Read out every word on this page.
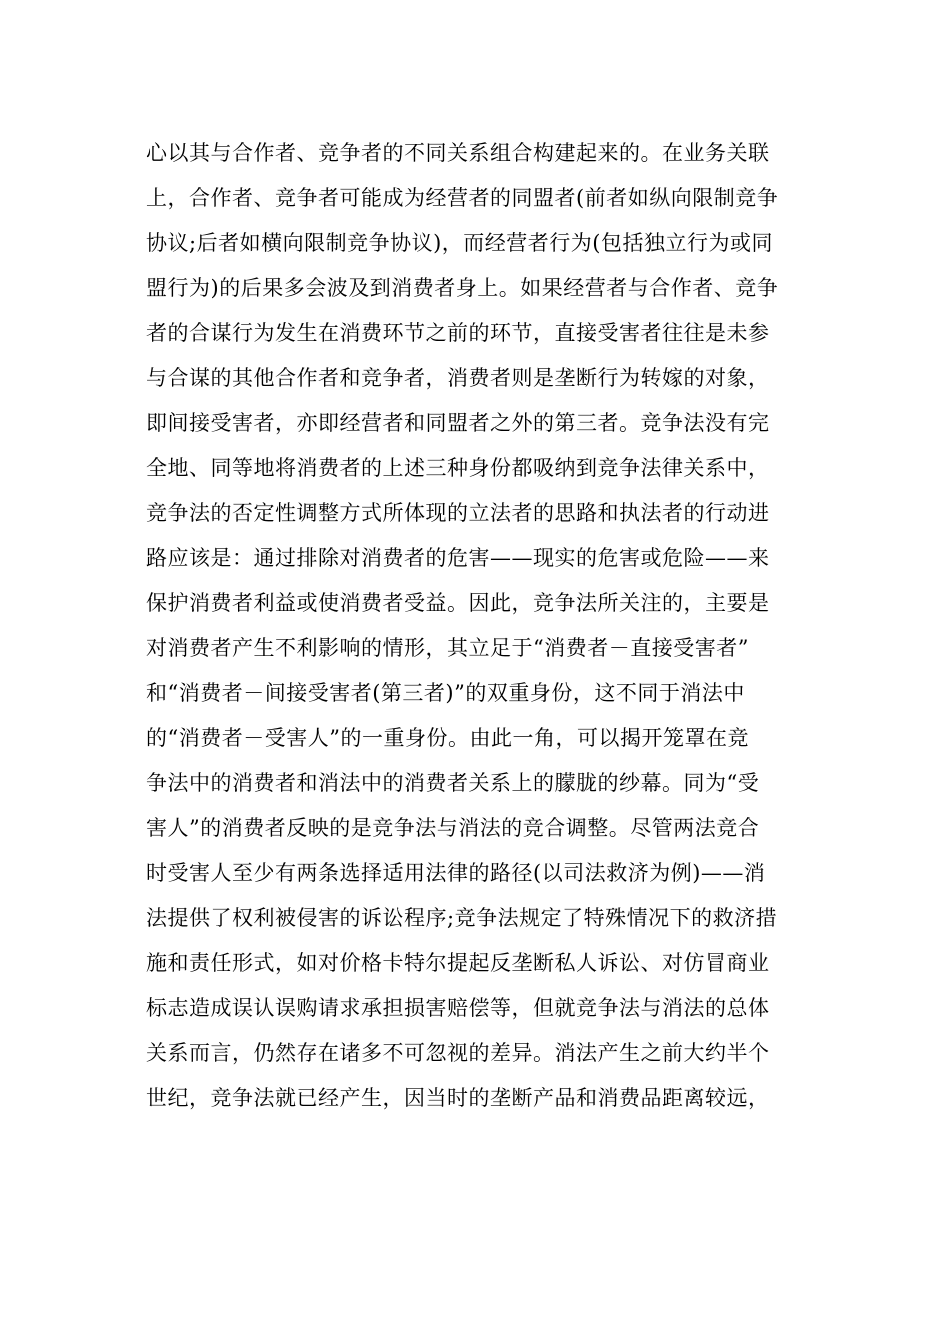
心以其与合作者、竞争者的不同关系组合构建起来的。在业务关联
上，合作者、竞争者可能成为经营者的同盟者(前者如纵向限制竞争
协议;后者如横向限制竞争协议)，而经营者行为(包括独立行为或同
盟行为)的后果多会波及到消费者身上。如果经营者与合作者、竞争
者的合谋行为发生在消费环节之前的环节，直接受害者往往是未参
与合谋的其他合作者和竞争者，消费者则是垄断行为转嫁的对象，
即间接受害者，亦即经营者和同盟者之外的第三者。竞争法没有完
全地、同等地将消费者的上述三种身份都吸纳到竞争法律关系中，
竞争法的否定性调整方式所体现的立法者的思路和执法者的行动进
路应该是：通过排除对消费者的危害——现实的危害或危险——来
保护消费者利益或使消费者受益。因此，竞争法所关注的，主要是
对消费者产生不利影响的情形，其立足于“消费者－直接受害者”
和“消费者－间接受害者(第三者)”的双重身份，这不同于消法中
的“消费者－受害人”的一重身份。由此一角，可以揭开笼罩在竞
争法中的消费者和消法中的消费者关系上的朦胧的纱幕。同为“受
害人”的消费者反映的是竞争法与消法的竞合调整。尽管两法竞合
时受害人至少有两条选择适用法律的路径(以司法救济为例)——消
法提供了权利被侵害的诉讼程序;竞争法规定了特殊情况下的救济措
施和责任形式，如对价格卡特尔提起反垄断私人诉讼、对仿冒商业
标志造成误认误购请求承担损害赔偿等，但就竞争法与消法的总体
关系而言，仍然存在诸多不可忽视的差异。消法产生之前大约半个
世纪，竞争法就已经产生，因当时的垄断产品和消费品距离较远，
